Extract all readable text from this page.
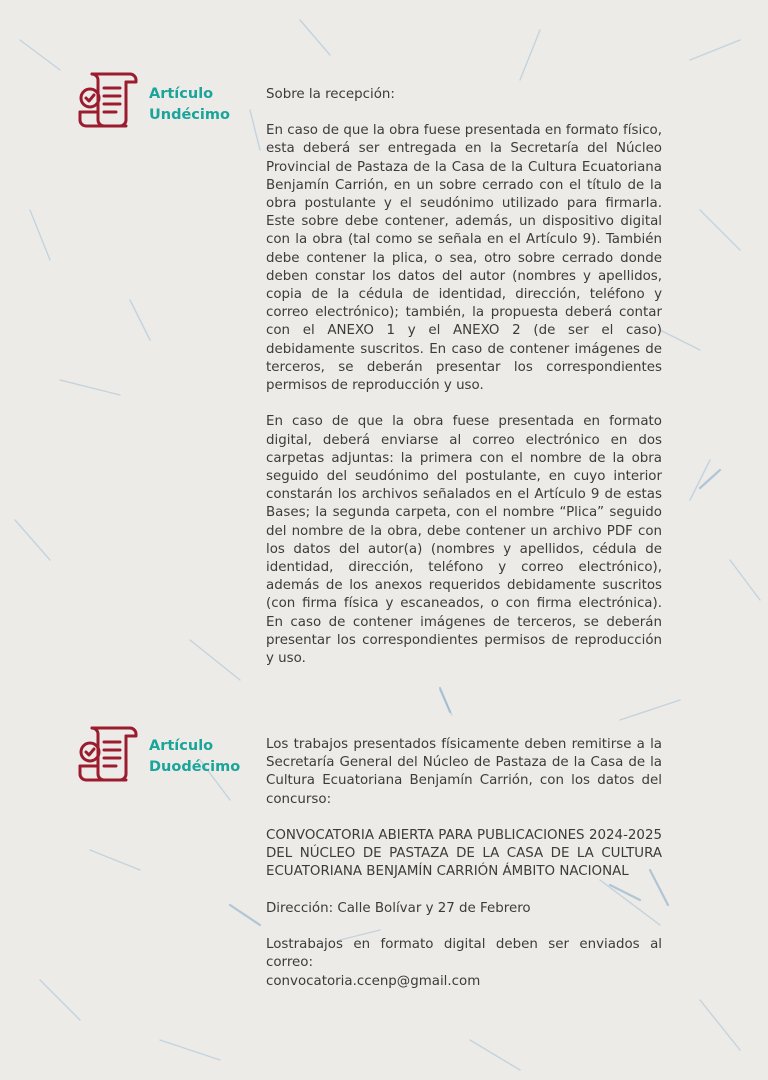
Artículo
Undécimo

Sobre la recepción:

En caso de que la obra fuese presentada en formato físico, esta deberá ser entregada en la Secretaría del Núcleo Provincial de Pastaza de la Casa de la Cultura Ecuatoriana Benjamín Carrión, en un sobre cerrado con el título de la obra postulante y el seudónimo utilizado para firmarla. Este sobre debe contener, además, un dispositivo digital con la obra (tal como se señala en el Artículo 9). También debe contener la plica, o sea, otro sobre cerrado donde deben constar los datos del autor (nombres y apellidos, copia de la cédula de identidad, dirección, teléfono y correo electrónico); también, la propuesta deberá contar con el ANEXO 1 y el ANEXO 2 (de ser el caso) debidamente suscritos. En caso de contener imágenes de terceros, se deberán presentar los correspondientes permisos de reproducción y uso.

En caso de que la obra fuese presentada en formato digital, deberá enviarse al correo electrónico en dos carpetas adjuntas: la primera con el nombre de la obra seguido del seudónimo del postulante, en cuyo interior constarán los archivos señalados en el Artículo 9 de estas Bases; la segunda carpeta, con el nombre “Plica” seguido del nombre de la obra, debe contener un archivo PDF con los datos del autor(a) (nombres y apellidos, cédula de identidad, dirección, teléfono y correo electrónico), además de los anexos requeridos debidamente suscritos (con firma física y escaneados, o con firma electrónica). En caso de contener imágenes de terceros, se deberán presentar los correspondientes permisos de reproducción y uso.

Artículo
Duodécimo

Los trabajos presentados físicamente deben remitirse a la Secretaría General del Núcleo de Pastaza de la Casa de la Cultura Ecuatoriana Benjamín Carrión, con los datos del concurso:

CONVOCATORIA ABIERTA PARA PUBLICACIONES 2024-2025 DEL NÚCLEO DE PASTAZA DE LA CASA DE LA CULTURA ECUATORIANA BENJAMÍN CARRIÓN ÁMBITO NACIONAL

Dirección: Calle Bolívar y 27 de Febrero

Lostrabajos en formato digital deben ser enviados al correo:

convocatoria.ccenp@gmail.com
